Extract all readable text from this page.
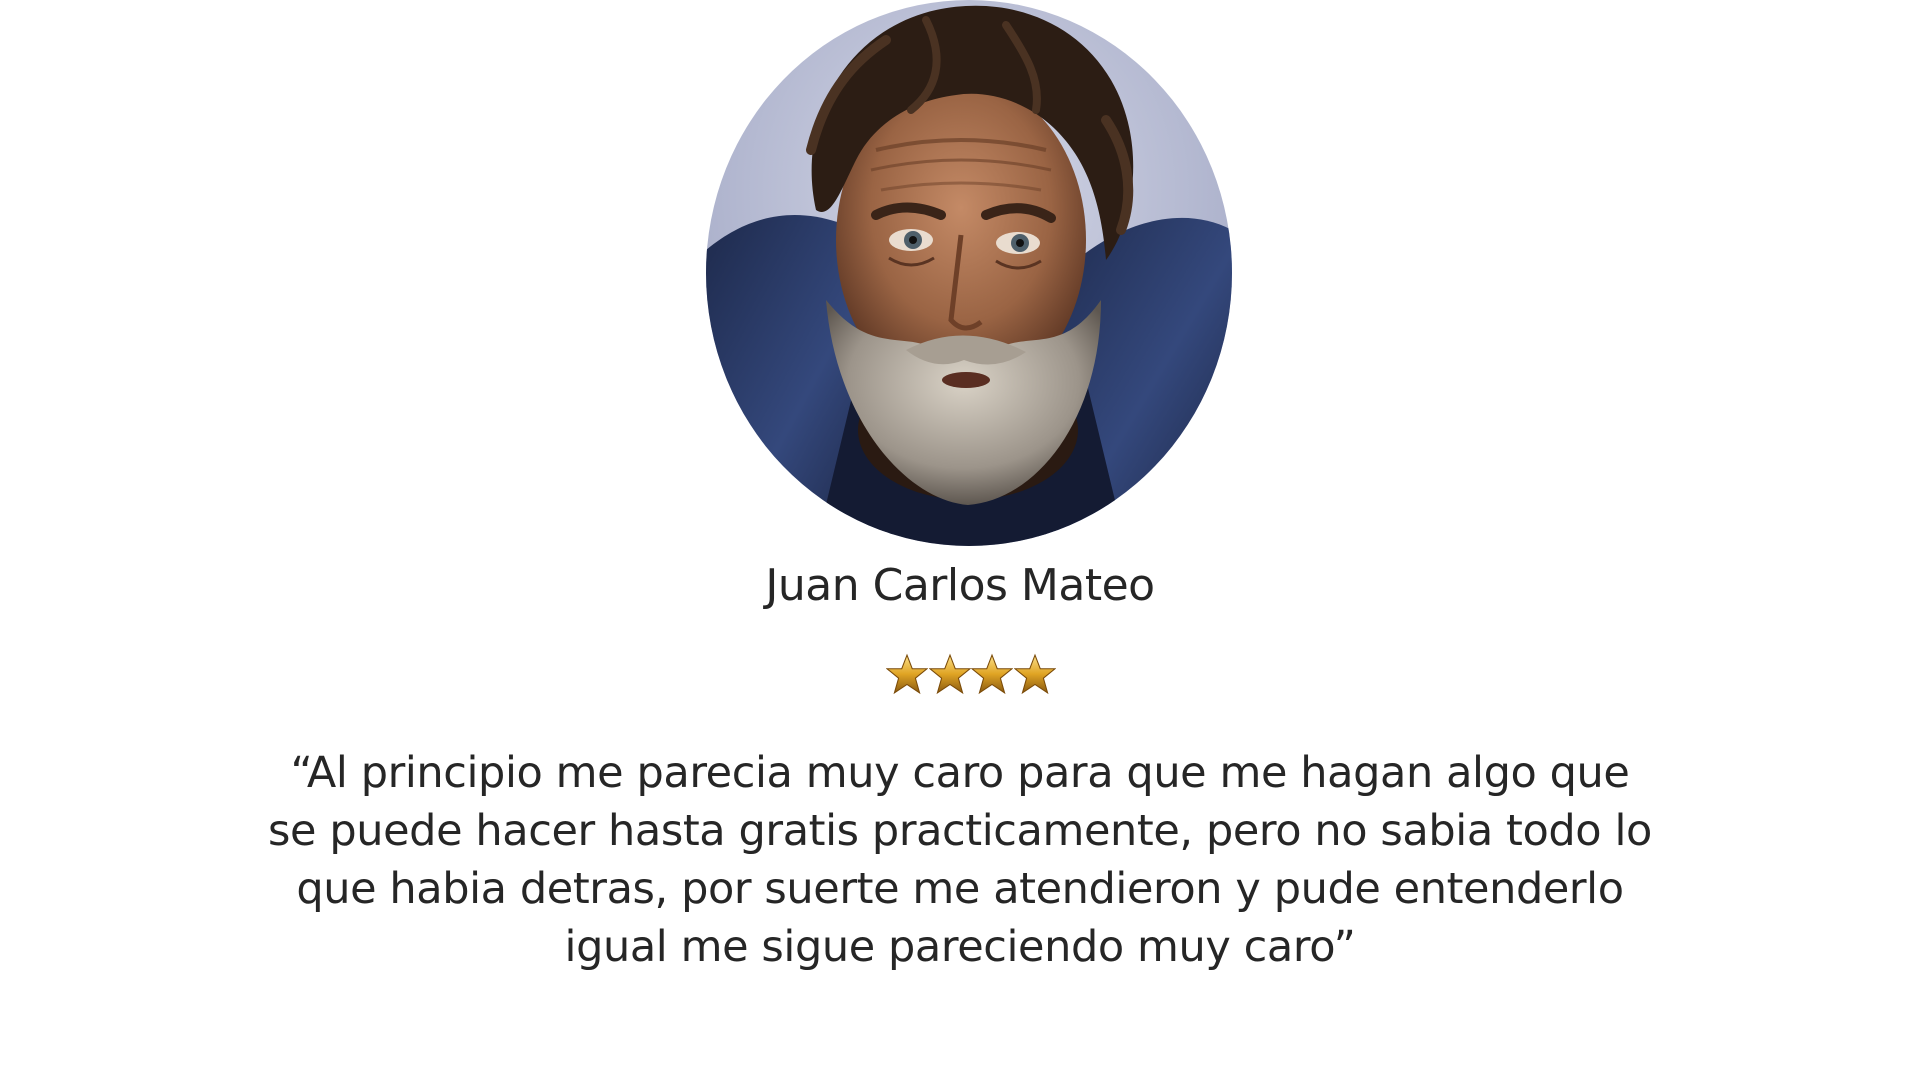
Juan Carlos Mateo
“Al principio me parecia muy caro para que me hagan algo que
se puede hacer hasta gratis practicamente, pero no sabia todo lo
que habia detras, por suerte me atendieron y pude entenderlo
igual me sigue pareciendo muy caro”
